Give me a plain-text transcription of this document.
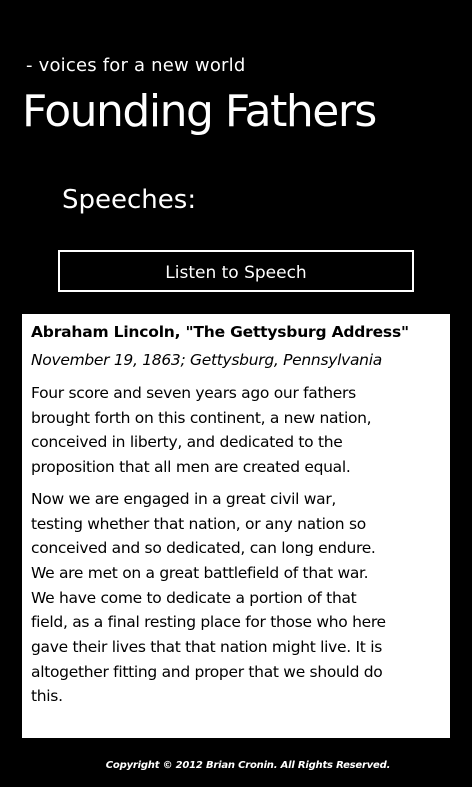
- voices for a new world
Founding Fathers
Speeches:
Listen to Speech
Abraham Lincoln, "The Gettysburg Address"
November 19, 1863; Gettysburg, Pennsylvania

Four score and seven years ago our fathers
brought forth on this continent, a new nation,
conceived in liberty, and dedicated to the
proposition that all men are created equal.

Now we are engaged in a great civil war,
testing whether that nation, or any nation so
conceived and so dedicated, can long endure.
We are met on a great battlefield of that war.
We have come to dedicate a portion of that
field, as a final resting place for those who here
gave their lives that that nation might live. It is
altogether fitting and proper that we should do
this.

Copyright © 2012 Brian Cronin. All Rights Reserved.
